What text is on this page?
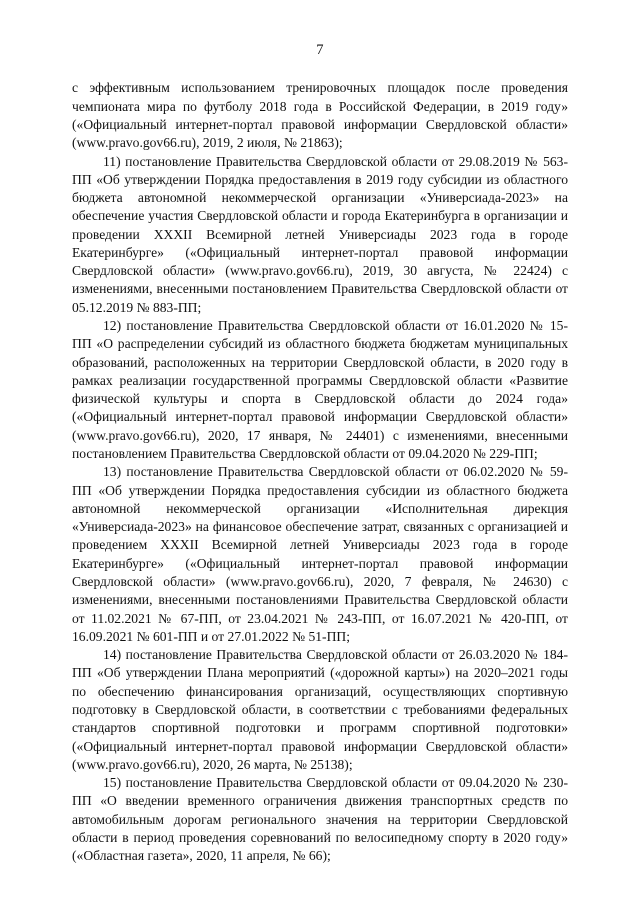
7

с эффективным использованием тренировочных площадок после проведения чемпионата мира по футболу 2018 года в Российской Федерации, в 2019 году» («Официальный интернет-портал правовой информации Свердловской области» (www.pravo.gov66.ru), 2019, 2 июля, № 21863);

11) постановление Правительства Свердловской области от 29.08.2019 № 563-ПП «Об утверждении Порядка предоставления в 2019 году субсидии из областного бюджета автономной некоммерческой организации «Универсиада-2023» на обеспечение участия Свердловской области и города Екатеринбурга в организации и проведении XXXII Всемирной летней Универсиады 2023 года в городе Екатеринбурге» («Официальный интернет-портал правовой информации Свердловской области» (www.pravo.gov66.ru), 2019, 30 августа, № 22424) с изменениями, внесенными постановлением Правительства Свердловской области от 05.12.2019 № 883-ПП;

12) постановление Правительства Свердловской области от 16.01.2020 № 15-ПП «О распределении субсидий из областного бюджета бюджетам муниципальных образований, расположенных на территории Свердловской области, в 2020 году в рамках реализации государственной программы Свердловской области «Развитие физической культуры и спорта в Свердловской области до 2024 года» («Официальный интернет-портал правовой информации Свердловской области» (www.pravo.gov66.ru), 2020, 17 января, № 24401) с изменениями, внесенными постановлением Правительства Свердловской области от 09.04.2020 № 229-ПП;

13) постановление Правительства Свердловской области от 06.02.2020 № 59-ПП «Об утверждении Порядка предоставления субсидии из областного бюджета автономной некоммерческой организации «Исполнительная дирекция «Универсиада-2023» на финансовое обеспечение затрат, связанных с организацией и проведением XXXII Всемирной летней Универсиады 2023 года в городе Екатеринбурге» («Официальный интернет-портал правовой информации Свердловской области» (www.pravo.gov66.ru), 2020, 7 февраля, № 24630) с изменениями, внесенными постановлениями Правительства Свердловской области от 11.02.2021 № 67-ПП, от 23.04.2021 № 243-ПП, от 16.07.2021 № 420-ПП, от 16.09.2021 № 601-ПП и от 27.01.2022 № 51-ПП;

14) постановление Правительства Свердловской области от 26.03.2020 № 184-ПП «Об утверждении Плана мероприятий («дорожной карты») на 2020–2021 годы по обеспечению финансирования организаций, осуществляющих спортивную подготовку в Свердловской области, в соответствии с требованиями федеральных стандартов спортивной подготовки и программ спортивной подготовки» («Официальный интернет-портал правовой информации Свердловской области» (www.pravo.gov66.ru), 2020, 26 марта, № 25138);

15) постановление Правительства Свердловской области от 09.04.2020 № 230-ПП «О введении временного ограничения движения транспортных средств по автомобильным дорогам регионального значения на территории Свердловской области в период проведения соревнований по велосипедному спорту в 2020 году» («Областная газета», 2020, 11 апреля, № 66);
